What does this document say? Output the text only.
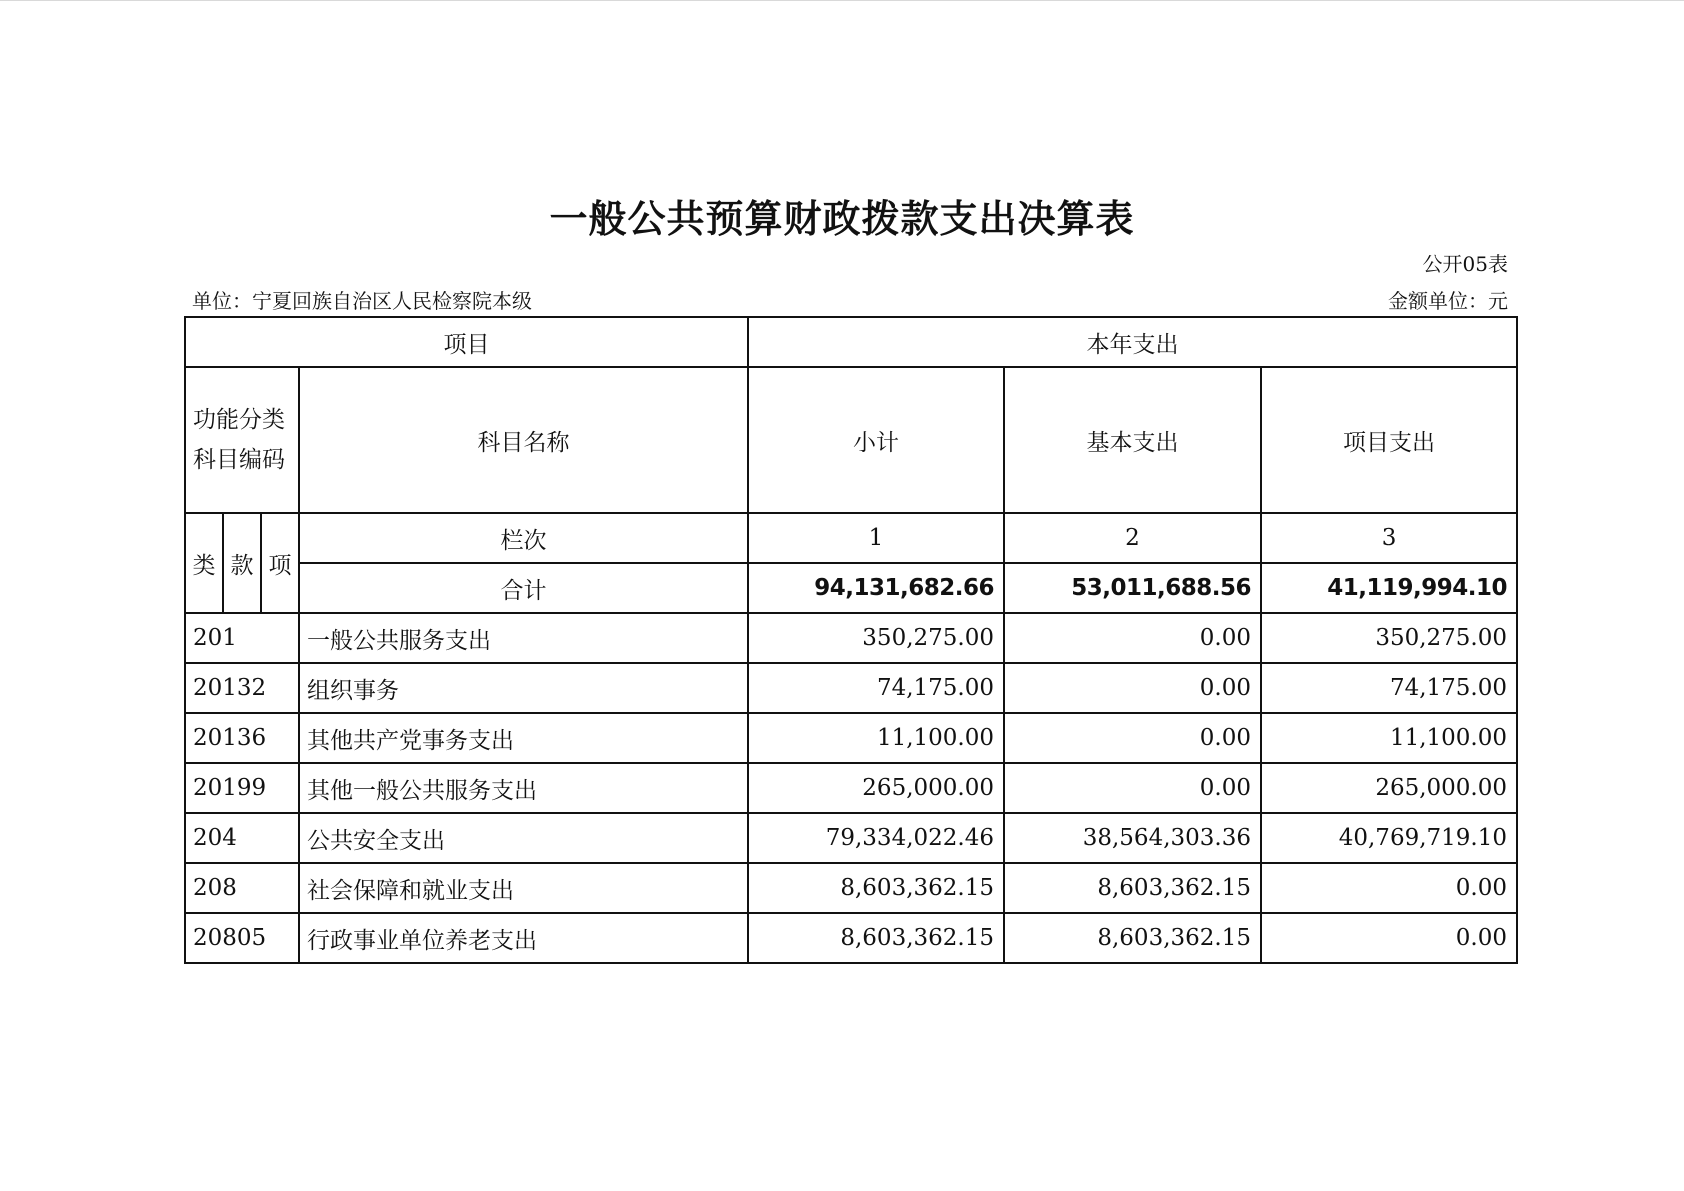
一般公共预算财政拨款支出决算表
公开05表
单位：宁夏回族自治区人民检察院本级	金额单位：元
项目				本年支出		

功能分类
科目编码			科目名称	小计	基本支出	项目支出
类	款	项	栏次	1	2	3
			合计	94,131,682.66	53,011,688.56	41,119,994.10
201			一般公共服务支出	350,275.00	0.00	350,275.00
20132			组织事务	74,175.00	0.00	74,175.00
20136			其他共产党事务支出	11,100.00	0.00	11,100.00
20199			其他一般公共服务支出	265,000.00	0.00	265,000.00
204			公共安全支出	79,334,022.46	38,564,303.36	40,769,719.10
208			社会保障和就业支出	8,603,362.15	8,603,362.15	0.00
20805			行政事业单位养老支出	8,603,362.15	8,603,362.15	0.00
